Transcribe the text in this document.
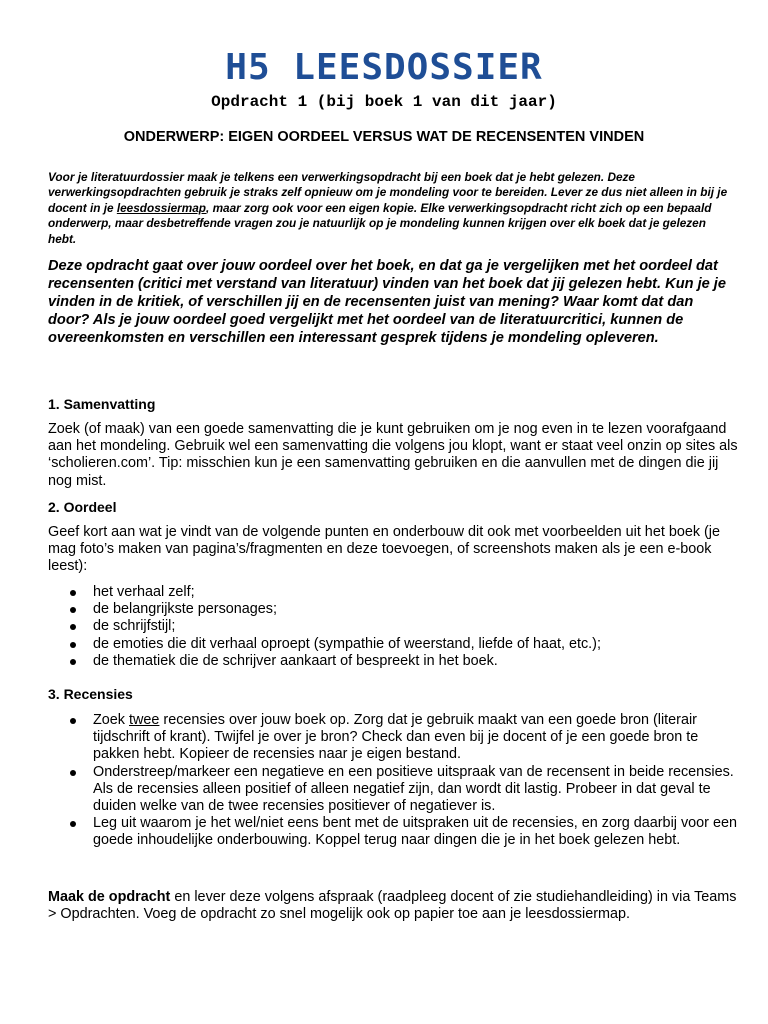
H5 LEESDOSSIER
Opdracht 1 (bij boek 1 van dit jaar)
ONDERWERP: EIGEN OORDEEL VERSUS WAT DE RECENSENTEN VINDEN

Voor je literatuurdossier maak je telkens een verwerkingsopdracht bij een boek dat je hebt gelezen. Deze verwerkingsopdrachten gebruik je straks zelf opnieuw om je mondeling voor te bereiden. Lever ze dus niet alleen in bij je docent in je leesdossiermap, maar zorg ook voor een eigen kopie. Elke verwerkingsopdracht richt zich op een bepaald onderwerp, maar desbetreffende vragen zou je natuurlijk op je mondeling kunnen krijgen over elk boek dat je gelezen hebt.

Deze opdracht gaat over jouw oordeel over het boek, en dat ga je vergelijken met het oordeel dat recensenten (critici met verstand van literatuur) vinden van het boek dat jij gelezen hebt. Kun je je vinden in de kritiek, of verschillen jij en de recensenten juist van mening? Waar komt dat dan door? Als je jouw oordeel goed vergelijkt met het oordeel van de literatuurcritici, kunnen de overeenkomsten en verschillen een interessant gesprek tijdens je mondeling opleveren.

1. Samenvatting

Zoek (of maak) van een goede samenvatting die je kunt gebruiken om je nog even in te lezen voorafgaand aan het mondeling. Gebruik wel een samenvatting die volgens jou klopt, want er staat veel onzin op sites als ‘scholieren.com’. Tip: misschien kun je een samenvatting gebruiken en die aanvullen met de dingen die jij nog mist.

2. Oordeel

Geef kort aan wat je vindt van de volgende punten en onderbouw dit ook met voorbeelden uit het boek (je mag foto’s maken van pagina’s/fragmenten en deze toevoegen, of screenshots maken als je een e-book leest):

het verhaal zelf;
de belangrijkste personages;
de schrijfstijl;
de emoties die dit verhaal oproept (sympathie of weerstand, liefde of haat, etc.);
de thematiek die de schrijver aankaart of bespreekt in het boek.
3. Recensies
Zoek twee recensies over jouw boek op. Zorg dat je gebruik maakt van een goede bron (literair tijdschrift of krant). Twijfel je over je bron? Check dan even bij je docent of je een goede bron te pakken hebt. Kopieer de recensies naar je eigen bestand.
Onderstreep/markeer een negatieve en een positieve uitspraak van de recensent in beide recensies. Als de recensies alleen positief of alleen negatief zijn, dan wordt dit lastig. Probeer in dat geval te duiden welke van de twee recensies positiever of negatiever is.
Leg uit waarom je het wel/niet eens bent met de uitspraken uit de recensies, en zorg daarbij voor een goede inhoudelijke onderbouwing. Koppel terug naar dingen die je in het boek gelezen hebt.

Maak de opdracht en lever deze volgens afspraak (raadpleeg docent of zie studiehandleiding) in via Teams > Opdrachten. Voeg de opdracht zo snel mogelijk ook op papier toe aan je leesdossiermap.
